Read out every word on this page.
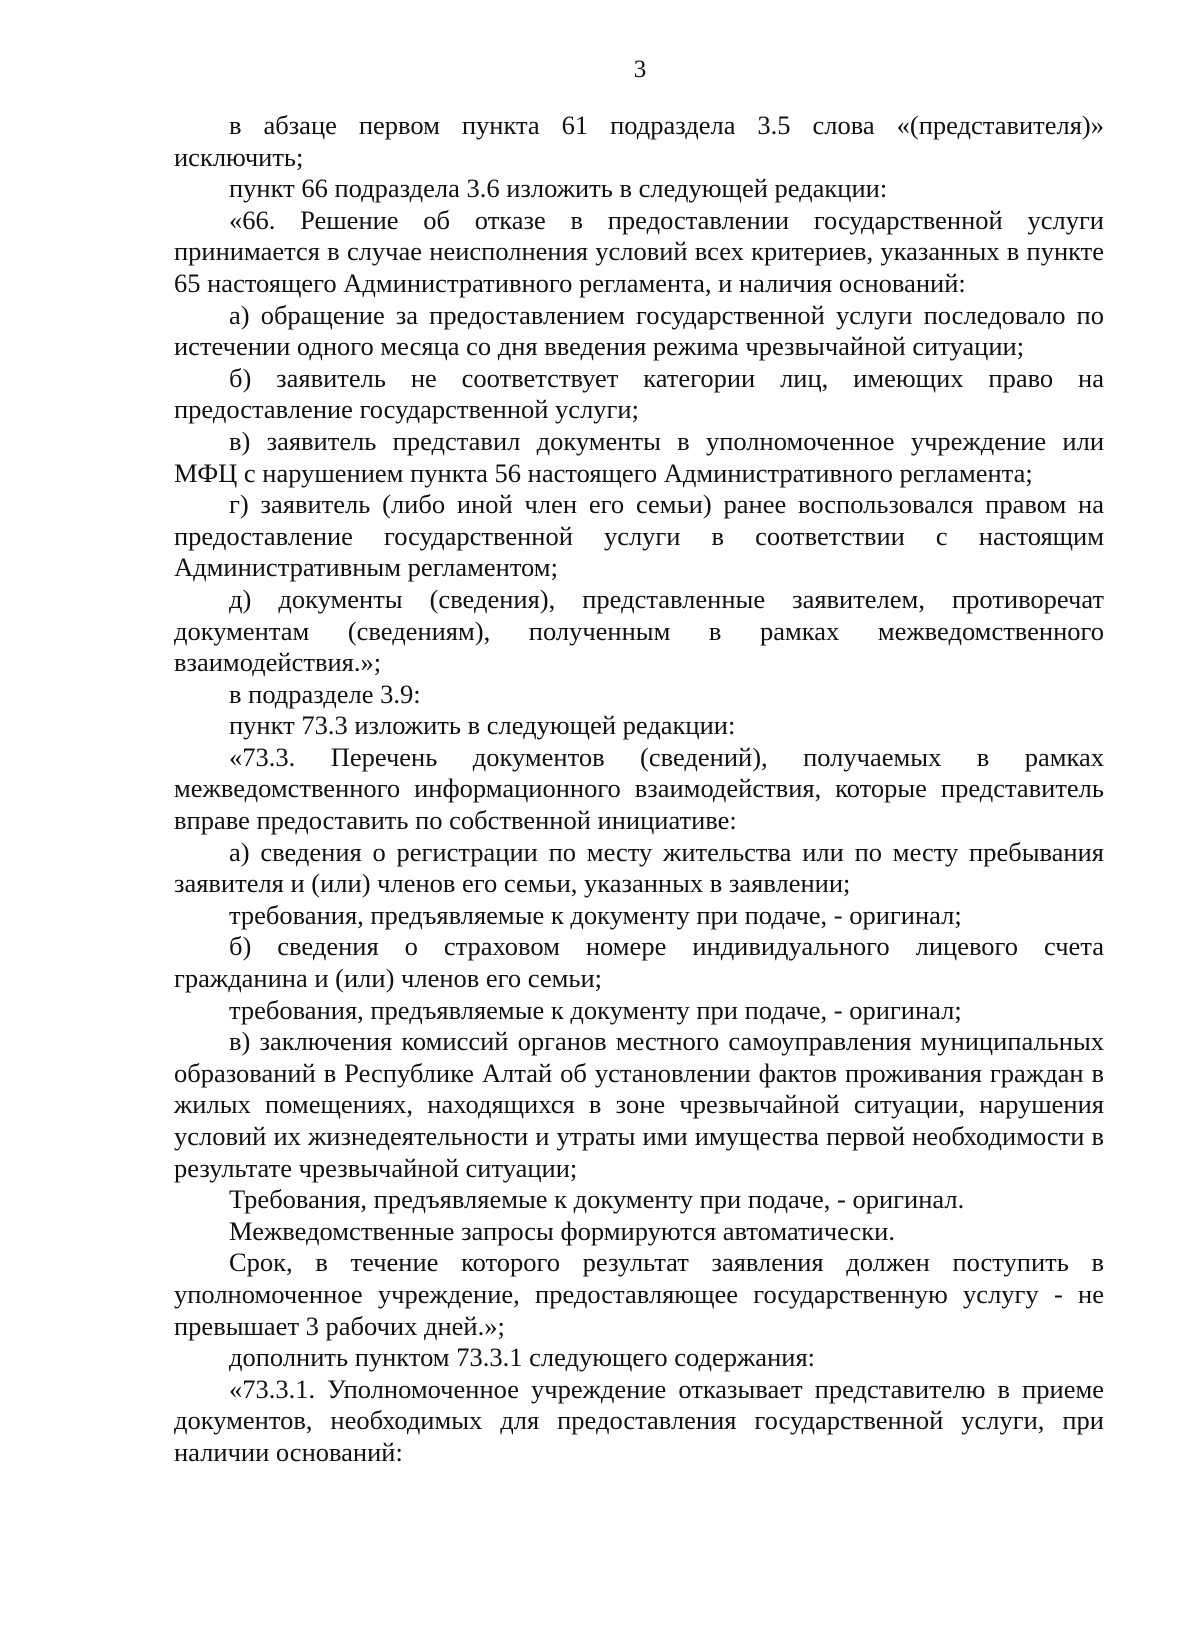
3

в абзаце первом пункта 61 подраздела 3.5 слова «(представителя)» исключить;

пункт 66 подраздела 3.6 изложить в следующей редакции:

«66. Решение об отказе в предоставлении государственной услуги принимается в случае неисполнения условий всех критериев, указанных в пункте 65 настоящего Административного регламента, и наличия оснований:

а) обращение за предоставлением государственной услуги последовало по истечении одного месяца со дня введения режима чрезвычайной ситуации;

б) заявитель не соответствует категории лиц, имеющих право на предоставление государственной услуги;

в) заявитель представил документы в уполномоченное учреждение или МФЦ с нарушением пункта 56 настоящего Административного регламента;

г) заявитель (либо иной член его семьи) ранее воспользовался правом на предоставление государственной услуги в соответствии с настоящим Административным регламентом;

д) документы (сведения), представленные заявителем, противоречат документам (сведениям), полученным в рамках межведомственного взаимодействия.»;

в подразделе 3.9:

пункт 73.3 изложить в следующей редакции:

«73.3. Перечень документов (сведений), получаемых в рамках межведомственного информационного взаимодействия, которые представитель вправе предоставить по собственной инициативе:

а) сведения о регистрации по месту жительства или по месту пребывания заявителя и (или) членов его семьи, указанных в заявлении;

требования, предъявляемые к документу при подаче, - оригинал;

б) сведения о страховом номере индивидуального лицевого счета гражданина и (или) членов его семьи;

требования, предъявляемые к документу при подаче, - оригинал;

в) заключения комиссий органов местного самоуправления муниципальных образований в Республике Алтай об установлении фактов проживания граждан в жилых помещениях, находящихся в зоне чрезвычайной ситуации, нарушения условий их жизнедеятельности и утраты ими имущества первой необходимости в результате чрезвычайной ситуации;

Требования, предъявляемые к документу при подаче, - оригинал.

Межведомственные запросы формируются автоматически.

Срок, в течение которого результат заявления должен поступить в уполномоченное учреждение, предоставляющее государственную услугу - не превышает 3 рабочих дней.»;

дополнить пунктом 73.3.1 следующего содержания:

«73.3.1. Уполномоченное учреждение отказывает представителю в приеме документов, необходимых для предоставления государственной услуги, при наличии оснований:
